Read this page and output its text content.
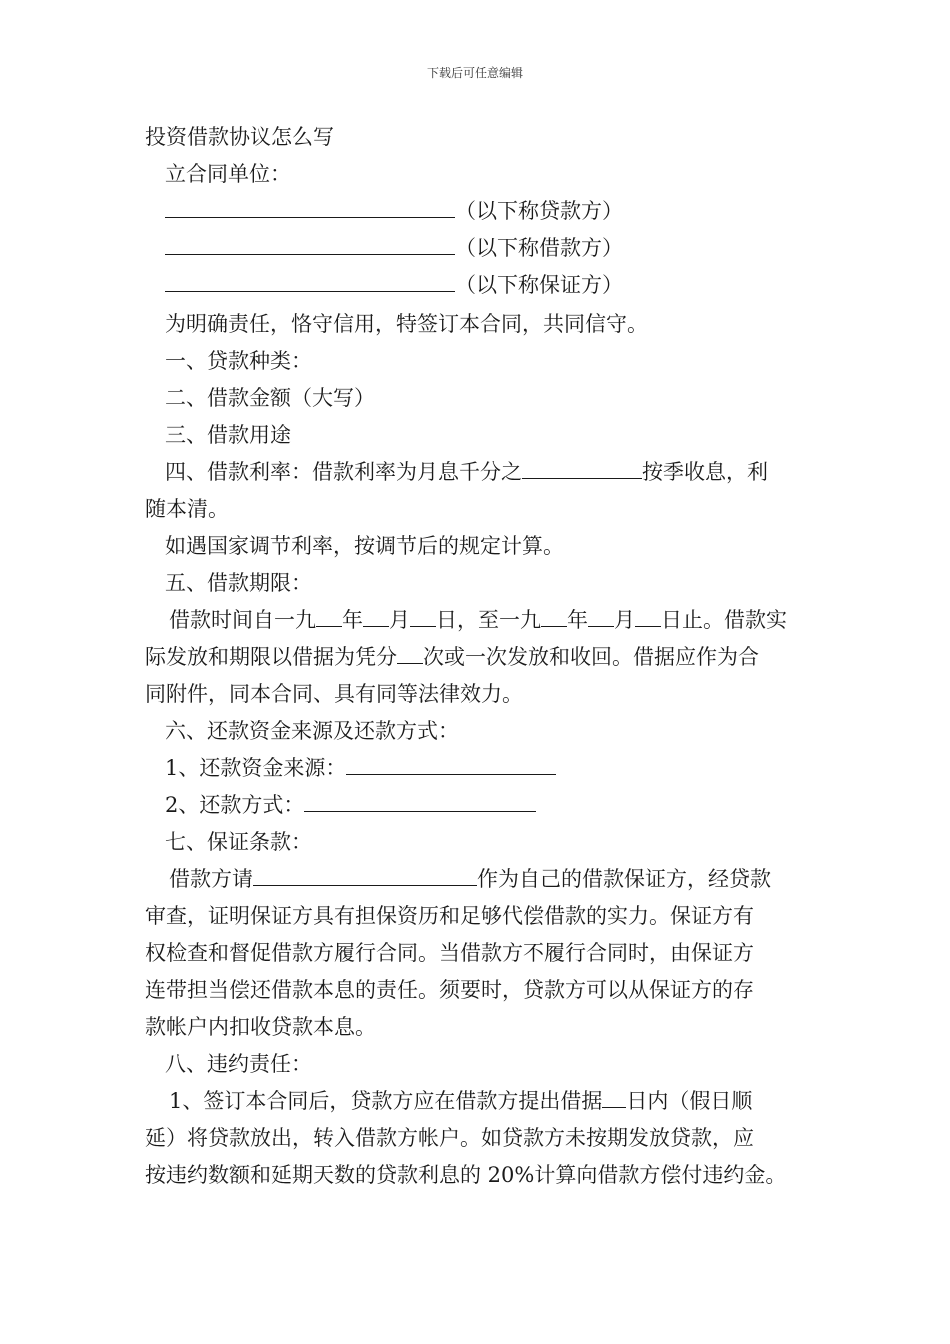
下载后可任意编辑
投资借款协议怎么写
立合同单位：
（以下称贷款方）
（以下称借款方）
（以下称保证方）
为明确责任，恪守信用，特签订本合同，共同信守。
一、贷款种类：
二、借款金额（大写）
三、借款用途
四、借款利率：借款利率为月息千分之	按季收息，利
随本清。
如遇国家调节利率，按调节后的规定计算。
五、借款期限：
借款时间自一九 年 月 日，至一九 年 月 日止。借款实
际发放和期限以借据为凭分 次或一次发放和收回。借据应作为合
同附件，同本合同、具有同等法律效力。
六、还款资金来源及还款方式：
1、还款资金来源：
2、还款方式：
七、保证条款：
借款方请	作为自己的借款保证方，经贷款
审查，证明保证方具有担保资历和足够代偿借款的实力。保证方有
权检查和督促借款方履行合同。当借款方不履行合同时，由保证方
连带担当偿还借款本息的责任。须要时，贷款方可以从保证方的存
款帐户内扣收贷款本息。
八、违约责任：
1、签订本合同后，贷款方应在借款方提出借据 日内（假日顺
延）将贷款放出，转入借款方帐户。如贷款方未按期发放贷款，应
按违约数额和延期天数的贷款利息的 20%计算向借款方偿付违约金。
